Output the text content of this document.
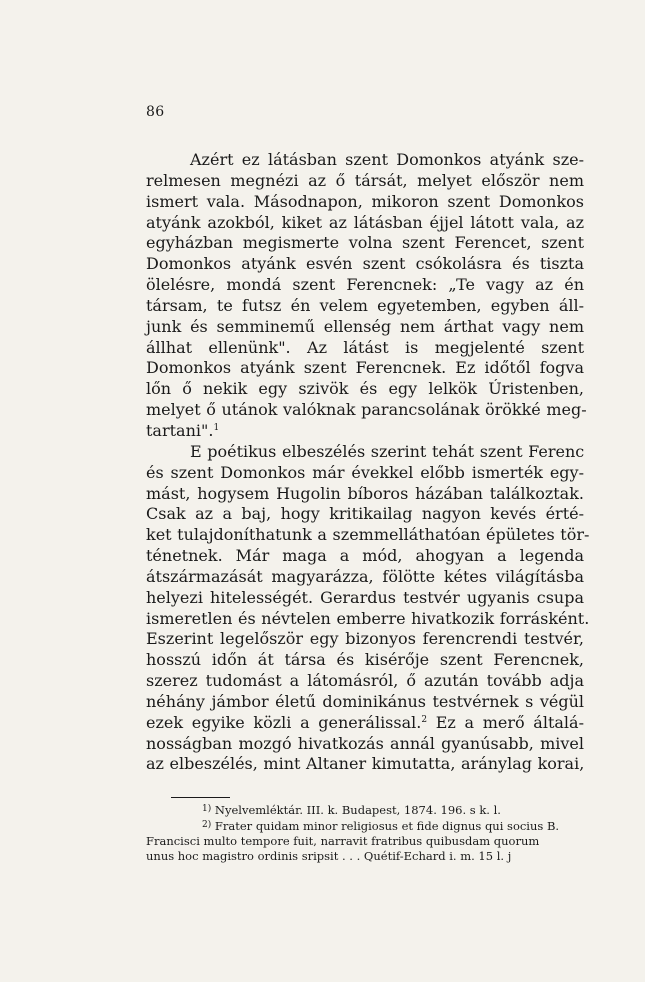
86
Azért ez látásban szent Domonkos atyánk sze-
relmesen megnézi az ő társát, melyet először nem
ismert vala. Másodnapon, mikoron szent Domonkos
atyánk azokból, kiket az látásban éjjel látott vala, az
egyházban megismerte volna szent Ferencet, szent
Domonkos atyánk esvén szent csókolásra és tiszta
ölelésre, mondá szent Ferencnek: „Te vagy az én
társam, te futsz én velem egyetemben, egyben áll-
junk és semminemű ellenség nem árthat vagy nem
állhat ellenünk". Az látást is megjelenté szent
Domonkos atyánk szent Ferencnek. Ez időtől fogva
lőn ő nekik egy szivök és egy lelkök Úristenben,
melyet ő utánok valóknak parancsolának örökké meg-
tartani".$^1$
E poétikus elbeszélés szerint tehát szent Ferenc
és szent Domonkos már évekkel előbb ismerték egy-
mást, hogysem Hugolin bíboros házában találkoztak.
Csak az a baj, hogy kritikailag nagyon kevés érté-
ket tulajdoníthatunk a szemmelláthatóan épületes tör-
ténetnek. Már maga a mód, ahogyan a legenda
átszármazását magyarázza, fölötte kétes világításba
helyezi hitelességét. Gerardus testvér ugyanis csupa
ismeretlen és névtelen emberre hivatkozik forrásként.
Eszerint legelőször egy bizonyos ferencrendi testvér,
hosszú időn át társa és kisérője szent Ferencnek,
szerez tudomást a látomásról, ő azután tovább adja
néhány jámbor életű dominikánus testvérnek s végül
ezek egyike közli a generálissal.$^2$ Ez a merő általá-
nosságban mozgó hivatkozás annál gyanúsabb, mivel
az elbeszélés, mint Altaner kimutatta, aránylag korai,
$^{1)}$ Nyelvemléktár. III. k. Budapest, 1874. 196. s k. l.
$^{2)}$ Frater quidam minor religiosus et fide dignus qui socius B.
Francisci multo tempore fuit, narravit fratribus quibusdam quorum
unus hoc magistro ordinis sripsit . . . Quétif-Echard i. m. 15 l. j
